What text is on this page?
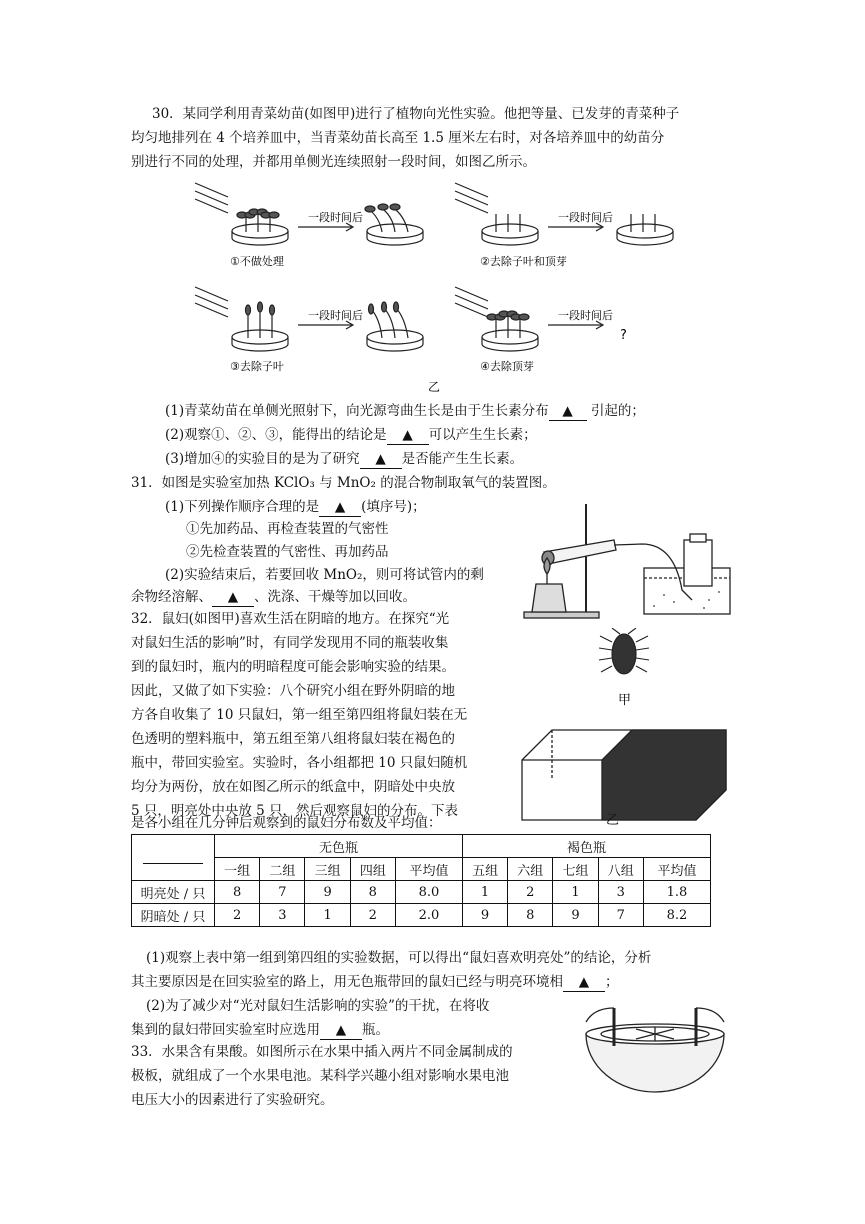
30．某同学利用青菜幼苗(如图甲)进行了植物向光性实验。他把等量、已发芽的青菜种子
均匀地排列在 4 个培养皿中，当青菜幼苗长高至 1.5 厘米左右时，对各培养皿中的幼苗分
别进行不同的处理，并都用单侧光连续照射一段时间，如图乙所示。
一段时间后	一段时间后
一段时间后	一段时间后
①不做处理	②去除子叶和顶芽
③去除子叶	④去除顶芽
?
乙
(1)青菜幼苗在单侧光照射下，向光源弯曲生长是由于生长素分布 ▲ 引起的；
(2)观察①、②、③，能得出的结论是 ▲ 可以产生生长素；
(3)增加④的实验目的是为了研究 ▲ 是否能产生生长素。
31．如图是实验室加热 KClO₃ 与 MnO₂ 的混合物制取氧气的装置图。
(1)下列操作顺序合理的是 ▲ (填序号)；
①先加药品、再检查装置的气密性
②先检查装置的气密性、再加药品
(2)实验结束后，若要回收 MnO₂，则可将试管内的剩
余物经溶解、 ▲ 、洗涤、干燥等加以回收。
32．鼠妇(如图甲)喜欢生活在阴暗的地方。在探究“光
对鼠妇生活的影响”时，有同学发现用不同的瓶装收集
到的鼠妇时，瓶内的明暗程度可能会影响实验的结果。
因此，又做了如下实验：八个研究小组在野外阴暗的地
方各自收集了 10 只鼠妇，第一组至第四组将鼠妇装在无
色透明的塑料瓶中，第五组至第八组将鼠妇装在褐色的
瓶中，带回实验室。实验时，各小组都把 10 只鼠妇随机
均分为两份，放在如图乙所示的纸盒中，阴暗处中央放
5 只，明亮处中央放 5 只，然后观察鼠妇的分布。下表
是各小组在几分钟后观察到的鼠妇分布数及平均值：
甲
乙
	无色瓶					褐色瓶				
	一组	二组	三组	四组	平均值	五组	六组	七组	八组	平均值
明亮处 / 只	8	7	9	8	8.0	1	2	1	3	1.8
阴暗处 / 只	2	3	1	2	2.0	9	8	9	7	8.2
(1)观察上表中第一组到第四组的实验数据，可以得出“鼠妇喜欢明亮处”的结论，分析
其主要原因是在回实验室的路上，用无色瓶带回的鼠妇已经与明亮环境相 ▲ ；
(2)为了减少对“光对鼠妇生活影响的实验”的干扰，在将收
集到的鼠妇带回实验室时应选用 ▲ 瓶。
33．水果含有果酸。如图所示在水果中插入两片不同金属制成的
极板，就组成了一个水果电池。某科学兴趣小组对影响水果电池
电压大小的因素进行了实验研究。
